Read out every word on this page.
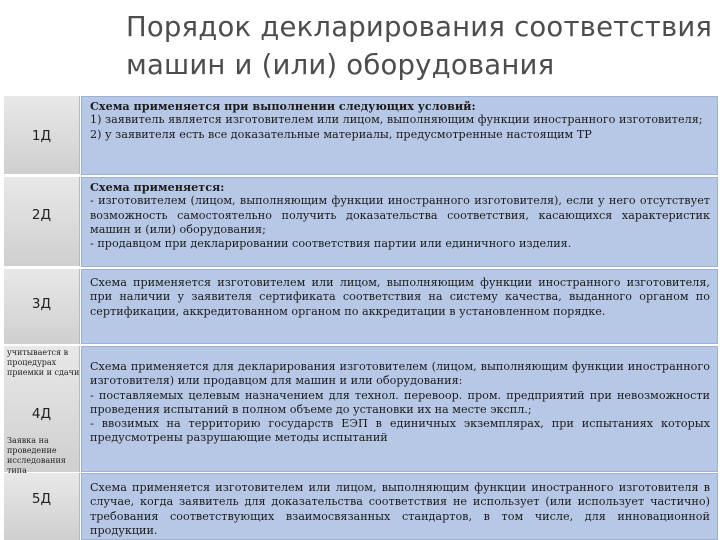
Порядок декларирования соответствия
машин и (или) оборудования
1Д

Схема применяется при выполнении следующих условий:

1) заявитель является изготовителем или лицом, выполняющим функции иностранного изготовителя;

2) у заявителя есть все доказательные материалы, предусмотренные настоящим ТР

2Д

Схема применяется:

- изготовителем (лицом, выполняющим функции иностранного изготовителя), если у него отсутствует возможность самостоятельно получить доказательства соответствия, касающихся характеристик машин и (или) оборудования;

- продавцом при декларировании соответствия партии или единичного изделия.

3Д

Схема применяется изготовителем или лицом, выполняющим функции иностранного изготовителя, при наличии у заявителя сертификата соответствия на систему качества, выданного органом по сертификации, аккредитованном органом по аккредитации в установленном порядке.

учитывается в процедурах приемки и сдачи
4Д

Схема применяется для декларирования изготовителем (лицом, выполняющим функции иностранного изготовителя) или продавцом для машин и или оборудования:

- поставляемых целевым назначением для технол. перевоор. пром. предприятий при невозможности проведения испытаний в полном объеме до установки их на месте экспл.;

- ввозимых на территорию государств ЕЭП в единичных экземплярах, при испытаниях которых предусмотрены разрушающие методы испытаний

Заявка на проведение исследования типа
5Д

Схема применяется изготовителем или лицом, выполняющим функции иностранного изготовителя в случае, когда заявитель для доказательства соответствия не использует (или использует частично) требования соответствующих взаимосвязанных стандартов, в том числе, для инновационной продукции.
